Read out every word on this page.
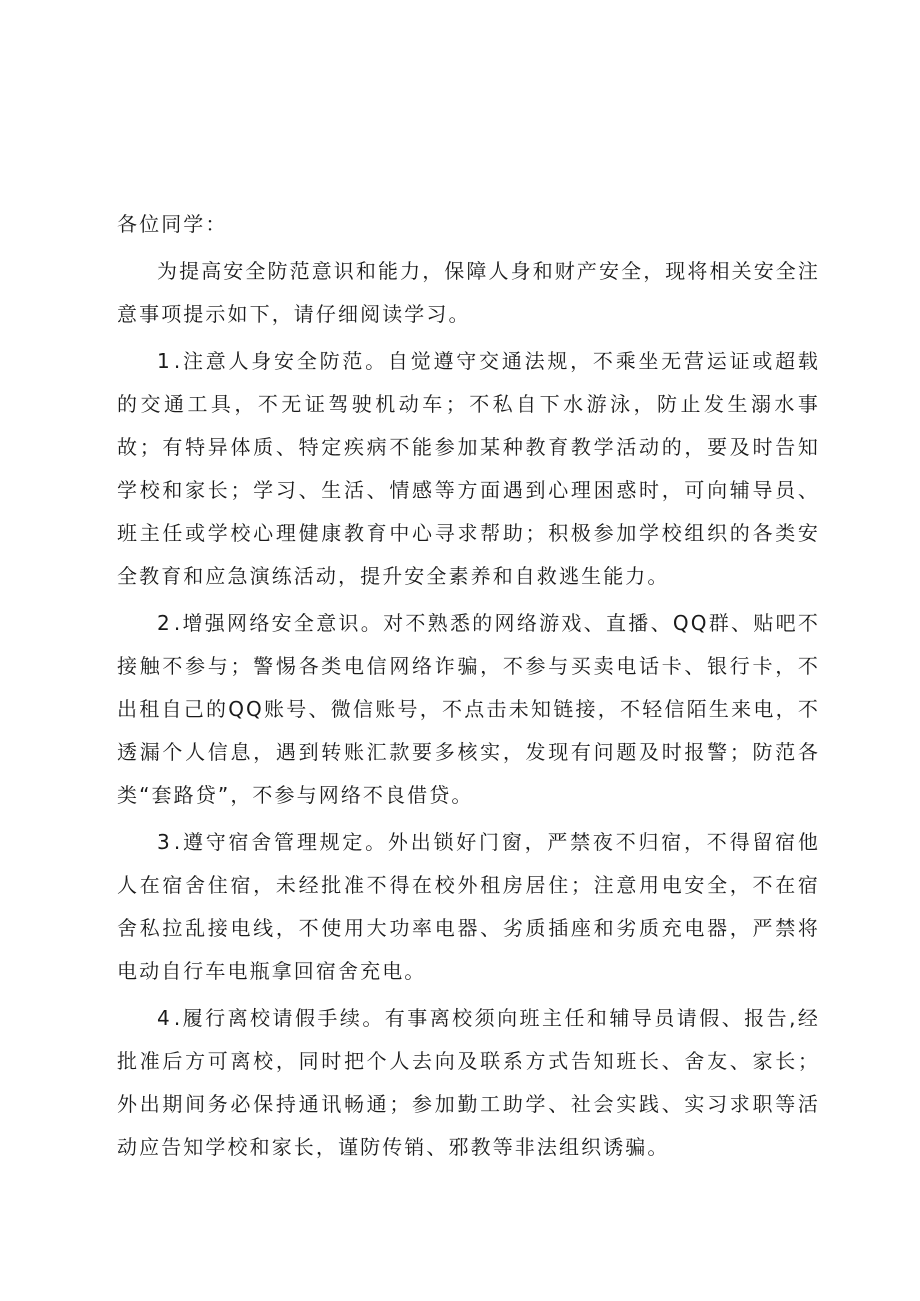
各位同学：

为提高安全防范意识和能力，保障人身和财产安全，现将相关安全注意事项提示如下，请仔细阅读学习。

1 .注意人身安全防范。自觉遵守交通法规，不乘坐无营运证或超载的交通工具，不无证驾驶机动车；不私自下水游泳，防止发生溺水事故；有特异体质、特定疾病不能参加某种教育教学活动的，要及时告知学校和家长；学习、生活、情感等方面遇到心理困惑时，可向辅导员、班主任或学校心理健康教育中心寻求帮助；积极参加学校组织的各类安全教育和应急演练活动，提升安全素养和自救逃生能力。

2 .增强网络安全意识。对不熟悉的网络游戏、直播、QQ群、贴吧不接触不参与；警惕各类电信网络诈骗，不参与买卖电话卡、银行卡，不出租自己的QQ账号、微信账号，不点击未知链接，不轻信陌生来电，不透漏个人信息，遇到转账汇款要多核实，发现有问题及时报警；防范各类“套路贷”，不参与网络不良借贷。

3 .遵守宿舍管理规定。外出锁好门窗，严禁夜不归宿，不得留宿他人在宿舍住宿，未经批准不得在校外租房居住；注意用电安全，不在宿舍私拉乱接电线，不使用大功率电器、劣质插座和劣质充电器，严禁将电动自行车电瓶拿回宿舍充电。

4 .履行离校请假手续。有事离校须向班主任和辅导员请假、报告,经批准后方可离校，同时把个人去向及联系方式告知班长、舍友、家长；外出期间务必保持通讯畅通；参加勤工助学、社会实践、实习求职等活动应告知学校和家长，谨防传销、邪教等非法组织诱骗。
